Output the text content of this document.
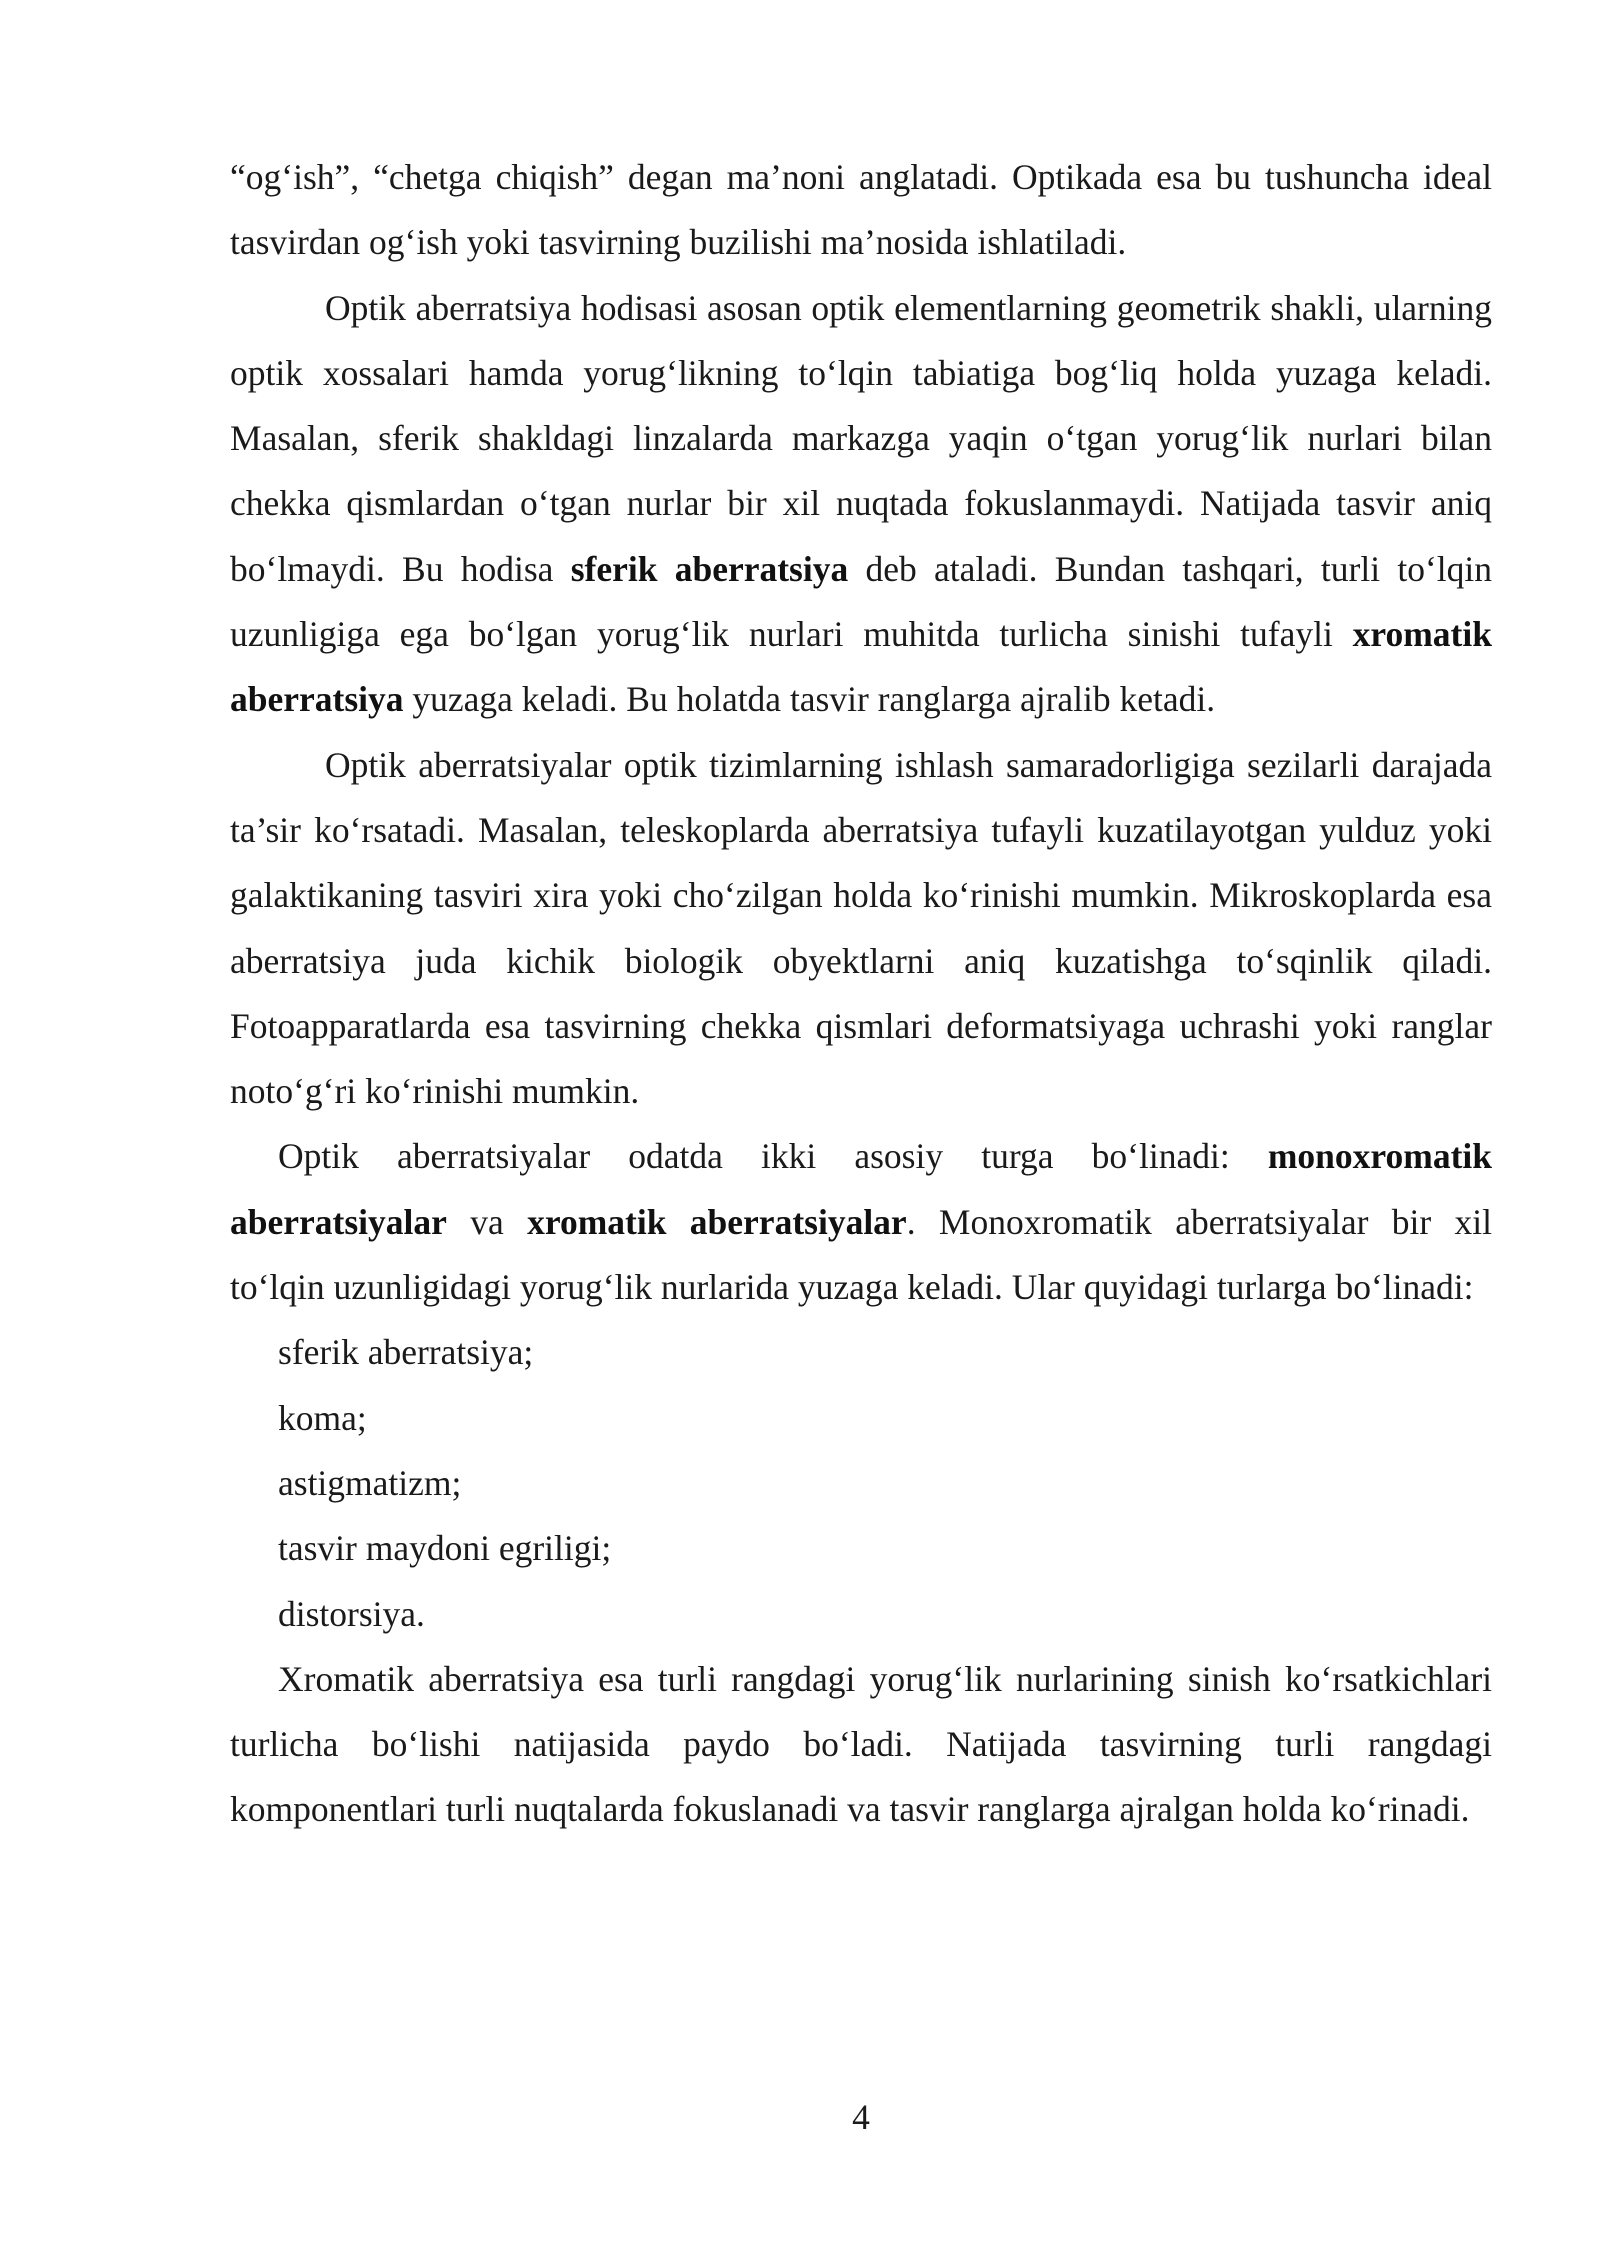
“og‘ish”, “chetga chiqish” degan ma’noni anglatadi. Optikada esa bu tushuncha ideal tasvirdan og‘ish yoki tasvirning buzilishi ma’nosida ishlatiladi.

Optik aberratsiya hodisasi asosan optik elementlarning geometrik shakli, ularning optik xossalari hamda yorug‘likning to‘lqin tabiatiga bog‘liq holda yuzaga keladi. Masalan, sferik shakldagi linzalarda markazga yaqin o‘tgan yorug‘lik nurlari bilan chekka qismlardan o‘tgan nurlar bir xil nuqtada fokuslanmaydi. Natijada tasvir aniq bo‘lmaydi. Bu hodisa sferik aberratsiya deb ataladi. Bundan tashqari, turli to‘lqin uzunligiga ega bo‘lgan yorug‘lik nurlari muhitda turlicha sinishi tufayli xromatik aberratsiya yuzaga keladi. Bu holatda tasvir ranglarga ajralib ketadi.

Optik aberratsiyalar optik tizimlarning ishlash samaradorligiga sezilarli darajada ta’sir ko‘rsatadi. Masalan, teleskoplarda aberratsiya tufayli kuzatilayotgan yulduz yoki galaktikaning tasviri xira yoki cho‘zilgan holda ko‘rinishi mumkin. Mikroskoplarda esa aberratsiya juda kichik biologik obyektlarni aniq kuzatishga to‘sqinlik qiladi. Fotoapparatlarda esa tasvirning chekka qismlari deformatsiyaga uchrashi yoki ranglar noto‘g‘ri ko‘rinishi mumkin.

Optik aberratsiyalar odatda ikki asosiy turga bo‘linadi: monoxromatik aberratsiyalar va xromatik aberratsiyalar. Monoxromatik aberratsiyalar bir xil to‘lqin uzunligidagi yorug‘lik nurlarida yuzaga keladi. Ular quyidagi turlarga bo‘linadi:

sferik aberratsiya;

koma;

astigmatizm;

tasvir maydoni egriligi;

distorsiya.

Xromatik aberratsiya esa turli rangdagi yorug‘lik nurlarining sinish ko‘rsatkichlari turlicha bo‘lishi natijasida paydo bo‘ladi. Natijada tasvirning turli rangdagi komponentlari turli nuqtalarda fokuslanadi va tasvir ranglarga ajralgan holda ko‘rinadi.

4
